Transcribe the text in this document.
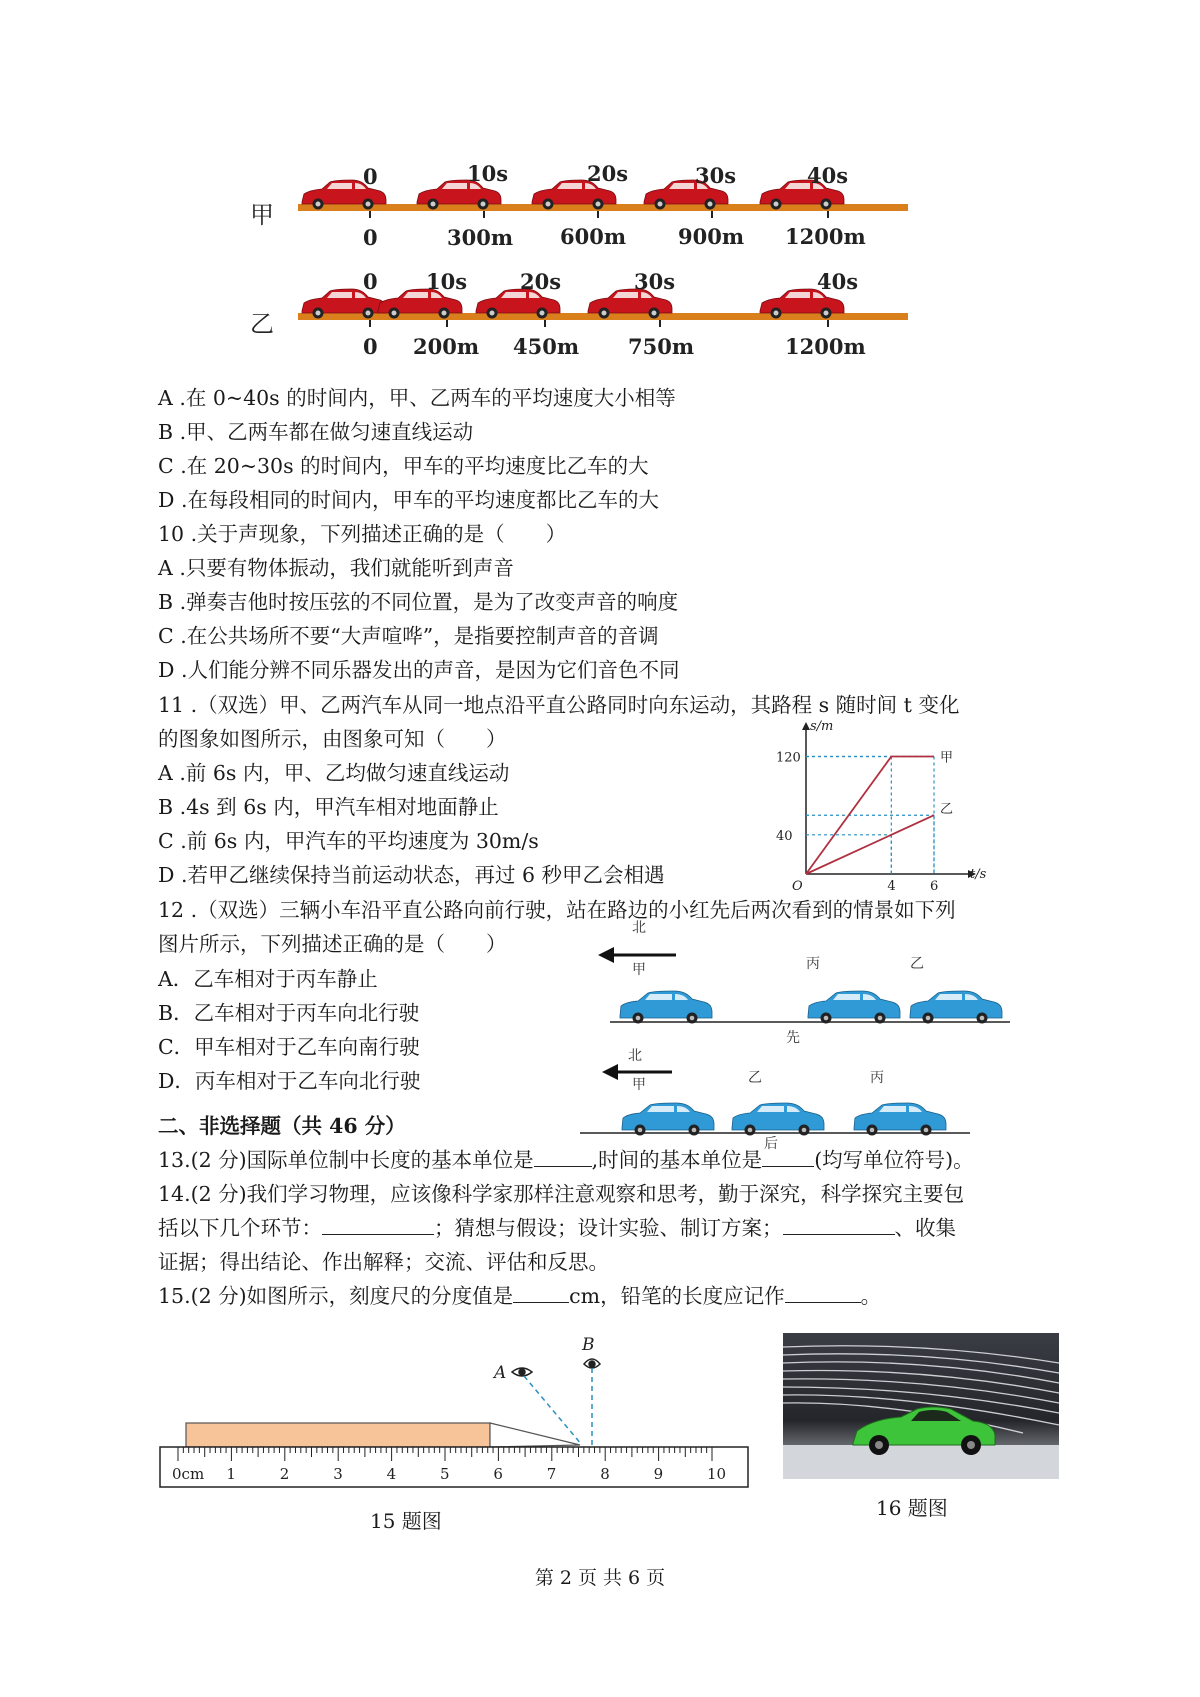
甲
0	10s	20s	30s	40s
0	300m 600m 900m 1200m
乙
0 10s	20s	30s	40s
0 200m 450m 750m	1200m
A .在 0~40s 的时间内，甲、乙两车的平均速度大小相等
B .甲、乙两车都在做匀速直线运动
C .在 20~30s 的时间内，甲车的平均速度比乙车的大
D .在每段相同的时间内，甲车的平均速度都比乙车的大
10 .关于声现象，下列描述正确的是（　　）
A .只要有物体振动，我们就能听到声音
B .弹奏吉他时按压弦的不同位置，是为了改变声音的响度
C .在公共场所不要“大声喧哗”，是指要控制声音的音调
D .人们能分辨不同乐器发出的声音，是因为它们音色不同
11 .（双选）甲、乙两汽车从同一地点沿平直公路同时向东运动，其路程 s 随时间 t 变化
的图象如图所示，由图象可知（　　）
A .前 6s 内，甲、乙均做匀速直线运动
B .4s 到 6s 内，甲汽车相对地面静止
C .前 6s 内，甲汽车的平均速度为 30m/s
D .若甲乙继续保持当前运动状态，再过 6 秒甲乙会相遇
s/m
t/s
O	4	6
40
120	甲
乙
12 .（双选）三辆小车沿平直公路向前行驶，站在路边的小红先后两次看到的情景如下列
图片所示，下列描述正确的是（　　）
A．乙车相对于丙车静止
B．乙车相对于丙车向北行驶
C．甲车相对于乙车向南行驶
D．丙车相对于乙车向北行驶
北
甲	丙	乙
先
北
甲	乙	丙
后
二、非选择题（共 46 分）
13.(2 分)国际单位制中长度的基本单位是	,时间的基本单位是	(均写单位符号)。
14.(2 分)我们学习物理，应该像科学家那样注意观察和思考，勤于深究，科学探究主要包
括以下几个环节：	；猜想与假设；设计实验、制订方案；	、收集
证据；得出结论、作出解释；交流、评估和反思。
15.(2 分)如图所示，刻度尺的分度值是	cm，铅笔的长度应记作	。
A
B
0cm 1	2	3	4	5	6	7	8	9	10
15 题图
16 题图
第 2 页 共 6 页
